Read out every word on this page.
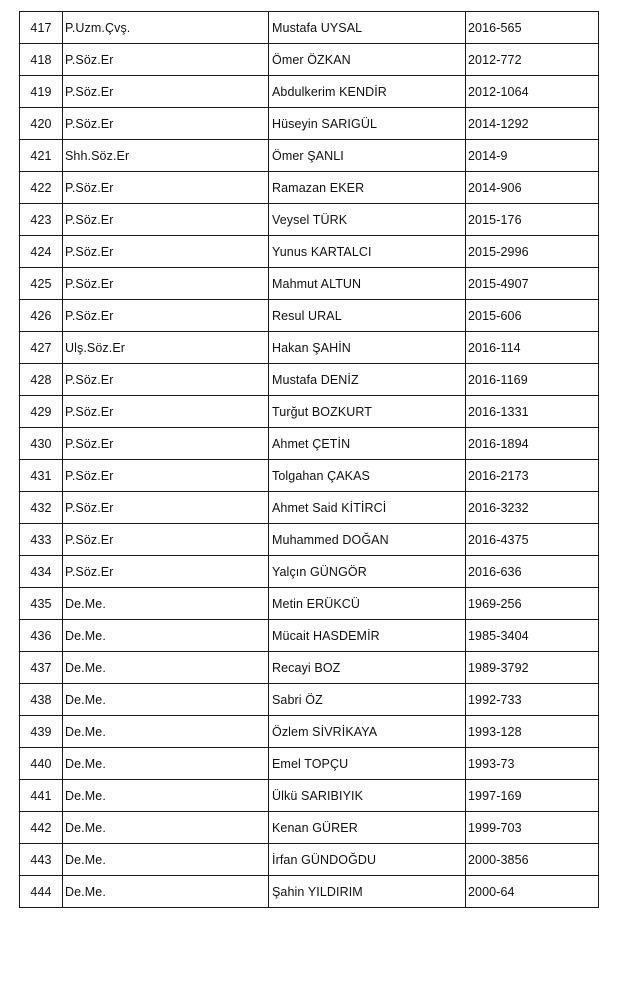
417	P.Uzm.Çvş.	Mustafa UYSAL	2016-565
418	P.Söz.Er	Ömer ÖZKAN	2012-772
419	P.Söz.Er	Abdulkerim KENDİR	2012-1064
420	P.Söz.Er	Hüseyin SARIGÜL	2014-1292
421	Shh.Söz.Er	Ömer ŞANLI	2014-9
422	P.Söz.Er	Ramazan EKER	2014-906
423	P.Söz.Er	Veysel TÜRK	2015-176
424	P.Söz.Er	Yunus KARTALCI	2015-2996
425	P.Söz.Er	Mahmut ALTUN	2015-4907
426	P.Söz.Er	Resul URAL	2015-606
427	Ulş.Söz.Er	Hakan ŞAHİN	2016-114
428	P.Söz.Er	Mustafa DENİZ	2016-1169
429	P.Söz.Er	Turğut BOZKURT	2016-1331
430	P.Söz.Er	Ahmet ÇETİN	2016-1894
431	P.Söz.Er	Tolgahan ÇAKAS	2016-2173
432	P.Söz.Er	Ahmet Said KİTİRCİ	2016-3232
433	P.Söz.Er	Muhammed DOĞAN	2016-4375
434	P.Söz.Er	Yalçın GÜNGÖR	2016-636
435	De.Me.	Metin ERÜKCÜ	1969-256
436	De.Me.	Mücait HASDEMİR	1985-3404
437	De.Me.	Recayi BOZ	1989-3792
438	De.Me.	Sabri ÖZ	1992-733
439	De.Me.	Özlem SİVRİKAYA	1993-128
440	De.Me.	Emel TOPÇU	1993-73
441	De.Me.	Ülkü SARIBIYIK	1997-169
442	De.Me.	Kenan GÜRER	1999-703
443	De.Me.	İrfan GÜNDOĞDU	2000-3856
444	De.Me.	Şahin YILDIRIM	2000-64
